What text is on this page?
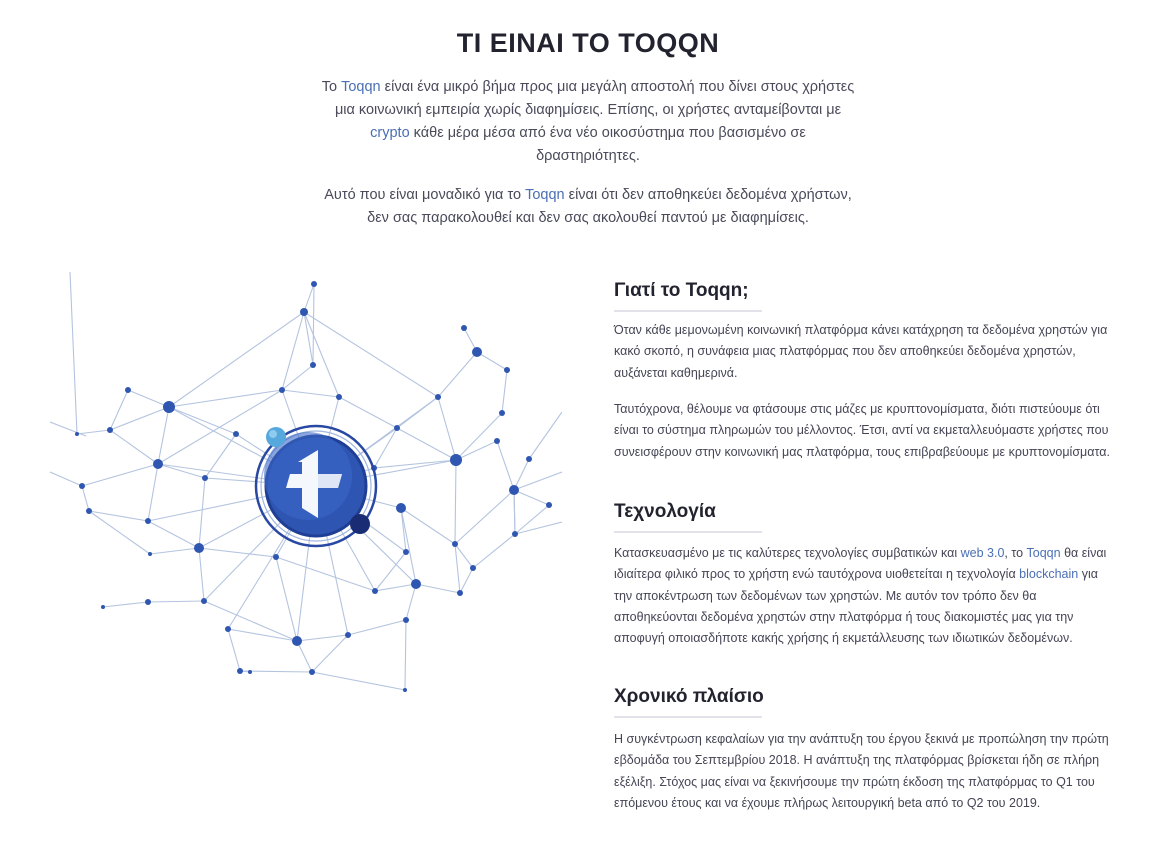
ΤΙ ΕΙΝΑΙ ΤΟ TOQQN

Το Toqqn είναι ένα μικρό βήμα προς μια μεγάλη αποστολή που δίνει στους χρήστες μια κοινωνική εμπειρία χωρίς διαφημίσεις. Επίσης, οι χρήστες ανταμείβονται με crypto κάθε μέρα μέσα από ένα νέο οικοσύστημα που βασισμένο σε δραστηριότητες.

Αυτό που είναι μοναδικό για το Toqqn είναι ότι δεν αποθηκεύει δεδομένα χρήστων, δεν σας παρακολουθεί και δεν σας ακολουθεί παντού με διαφημίσεις.

Γιατί το Toqqn;

Όταν κάθε μεμονωμένη κοινωνική πλατφόρμα κάνει κατάχρηση τα δεδομένα χρηστών για κακό σκοπό, η συνάφεια μιας πλατφόρμας που δεν αποθηκεύει δεδομένα χρηστών, αυξάνεται καθημερινά.

Ταυτόχρονα, θέλουμε να φτάσουμε στις μάζες με κρυπτονομίσματα, διότι πιστεύουμε ότι είναι το σύστημα πληρωμών του μέλλοντος. Έτσι, αντί να εκμεταλλευόμαστε χρήστες που συνεισφέρουν στην κοινωνική μας πλατφόρμα, τους επιβραβεύουμε με κρυπτονομίσματα.

Τεχνολογία

Κατασκευασμένο με τις καλύτερες τεχνολογίες συμβατικών και web 3.0, το Toqqn θα είναι ιδιαίτερα φιλικό προς το χρήστη ενώ ταυτόχρονα υιοθετείται η τεχνολογία blockchain για την αποκέντρωση των δεδομένων των χρηστών. Με αυτόν τον τρόπο δεν θα αποθηκεύονται δεδομένα χρηστών στην πλατφόρμα ή τους διακομιστές μας για την αποφυγή οποιασδήποτε κακής χρήσης ή εκμετάλλευσης των ιδιωτικών δεδομένων.

Χρονικό πλαίσιο

Η συγκέντρωση κεφαλαίων για την ανάπτυξη του έργου ξεκινά με προπώληση την πρώτη εβδομάδα του Σεπτεμβρίου 2018. Η ανάπτυξη της πλατφόρμας βρίσκεται ήδη σε πλήρη εξέλιξη. Στόχος μας είναι να ξεκινήσουμε την πρώτη έκδοση της πλατφόρμας το Q1 του επόμενου έτους και να έχουμε πλήρως λειτουργική beta από το Q2 του 2019.
